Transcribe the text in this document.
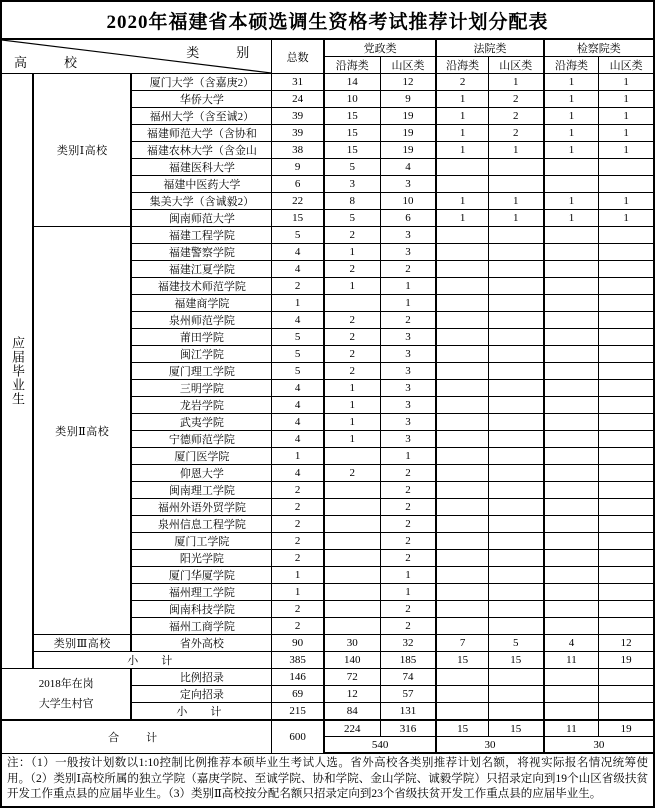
2020年福建省本硕选调生资格考试推荐计划分配表
类　别
高　校			总数	党政类		法院类		检察院类	
				沿海类	山区类	沿海类	山区类	沿海类	山区类

应届毕业生	类别Ⅰ高校	厦门大学（含嘉庚2）	31	14	12	2	1	1	1
		华侨大学	24	10	9	1	2	1	1
		福州大学（含至诚2）	39	15	19	1	2	1	1
		福建师范大学（含协和	39	15	19	1	2	1	1
		福建农林大学（含金山	38	15	19	1	1	1	1
		福建医科大学	9	5	4				
		福建中医药大学	6	3	3				
		集美大学（含诚毅2）	22	8	10	1	1	1	1
		闽南师范大学	15	5	6	1	1	1	1
	类别Ⅱ高校	福建工程学院	5	2	3				
		福建警察学院	4	1	3				
		福建江夏学院	4	2	2				
		福建技术师范学院	2	1	1				
		福建商学院	1		1				
		泉州师范学院	4	2	2				
		莆田学院	5	2	3				
		闽江学院	5	2	3				
		厦门理工学院	5	2	3				
		三明学院	4	1	3				
		龙岩学院	4	1	3				
		武夷学院	4	1	3				
		宁德师范学院	4	1	3				
		厦门医学院	1		1				
		仰恩大学	4	2	2				
		闽南理工学院	2		2				
		福州外语外贸学院	2		2				
		泉州信息工程学院	2		2				
		厦门工学院	2		2				
		阳光学院	2		2				
		厦门华厦学院	1		1				
		福州理工学院	1		1				
		闽南科技学院	2		2				
		福州工商学院	2		2				
	类别Ⅲ高校	省外高校	90	30	32	7	5	4	12
	小　计		385	140	185	15	15	11	19

2018年在岗
大学生村官		比例招录	146	72	74				
		定向招录	69	12	57				
		小　计	215	84	131				
合　计			600	224	316	15	15	11	19
				540		30		30	
注：（1）一般按计划数以1:10控制比例推荐本硕毕业生考试人选。省外高校各类别推荐计划名额，将视实际报名情况统筹使用。（2）类别Ⅰ高校所属的独立学院（嘉庚学院、至诚学院、协和学院、金山学院、诚毅学院）只招录定向到19个山区省级扶贫开发工作重点县的应届毕业生。（3）类别Ⅱ高校按分配名额只招录定向到23个省级扶贫开发工作重点县的应届毕业生。
